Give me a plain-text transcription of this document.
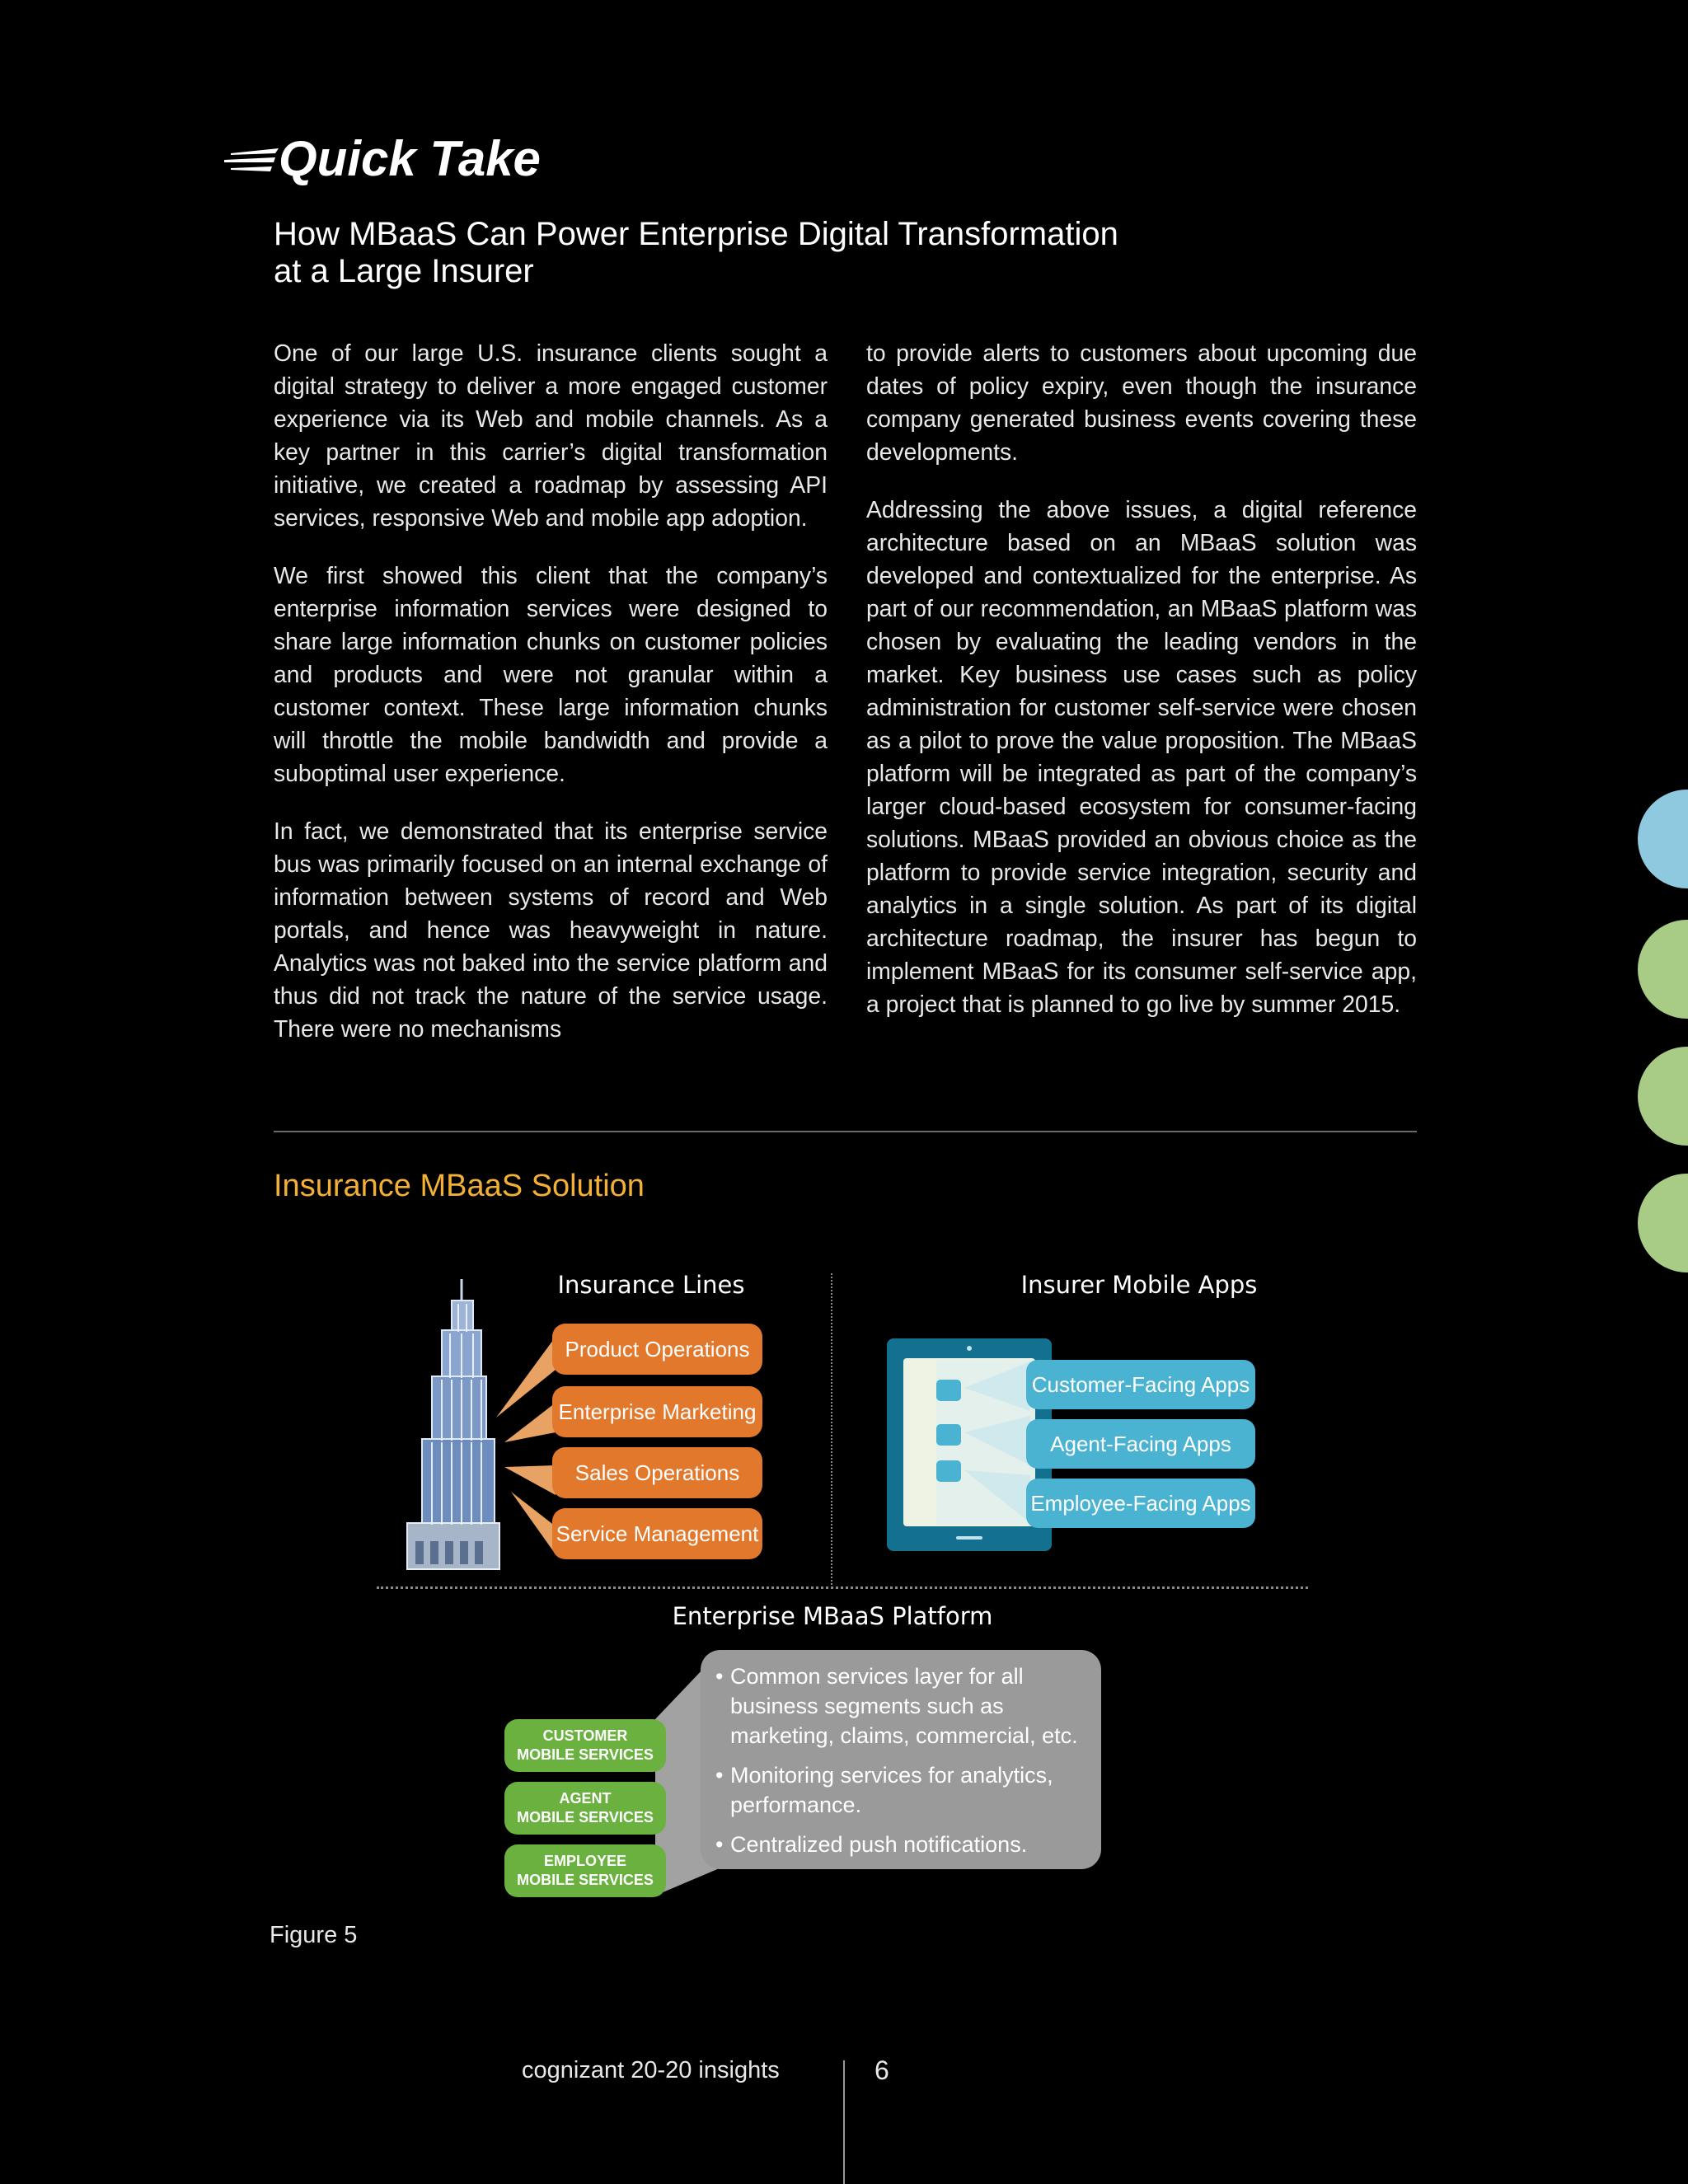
Quick Take
How MBaaS Can Power Enterprise Digital Transformation
at a Large Insurer

One of our large U.S. insurance clients sought a digital strategy to deliver a more engaged customer experience via its Web and mobile channels. As a key partner in this carrier’s digital transformation initiative, we created a roadmap by assessing API services, responsive Web and mobile app adoption.

We first showed this client that the company’s enterprise information services were designed to share large information chunks on customer policies and products and were not granular within a customer context. These large information chunks will throttle the mobile bandwidth and provide a suboptimal user experience.

In fact, we demonstrated that its enterprise service bus was primarily focused on an internal exchange of information between systems of record and Web portals, and hence was heavyweight in nature. Analytics was not baked into the service platform and thus did not track the nature of the service usage. There were no mechanisms

to provide alerts to customers about upcoming due dates of policy expiry, even though the insurance company generated business events covering these developments.

Addressing the above issues, a digital reference architecture based on an MBaaS solution was developed and contextualized for the enterprise. As part of our recommendation, an MBaaS platform was chosen by evaluating the leading vendors in the market. Key business use cases such as policy administration for customer self-service were chosen as a pilot to prove the value proposition. The MBaaS platform will be integrated as part of the company’s larger cloud-based ecosystem for consumer-facing solutions. MBaaS provided an obvious choice as the platform to provide service integration, security and analytics in a single solution. As part of its digital architecture roadmap, the insurer has begun to implement MBaaS for its consumer self-service app, a project that is planned to go live by summer 2015.

Insurance MBaaS Solution
Insurance Lines	Insurer Mobile Apps
Product Operations
Enterprise Marketing
Sales Operations
Service Management
Customer-Facing Apps
Agent-Facing Apps
Employee-Facing Apps
Enterprise MBaaS Platform
CUSTOMER
MOBILE SERVICES
AGENT
MOBILE SERVICES
EMPLOYEE
MOBILE SERVICES
• Common services layer for all business segments such as marketing, claims, commercial, etc.
• Monitoring services for analytics, performance.
• Centralized push notifications.
Figure 5
cognizant 20-20 insights	6
